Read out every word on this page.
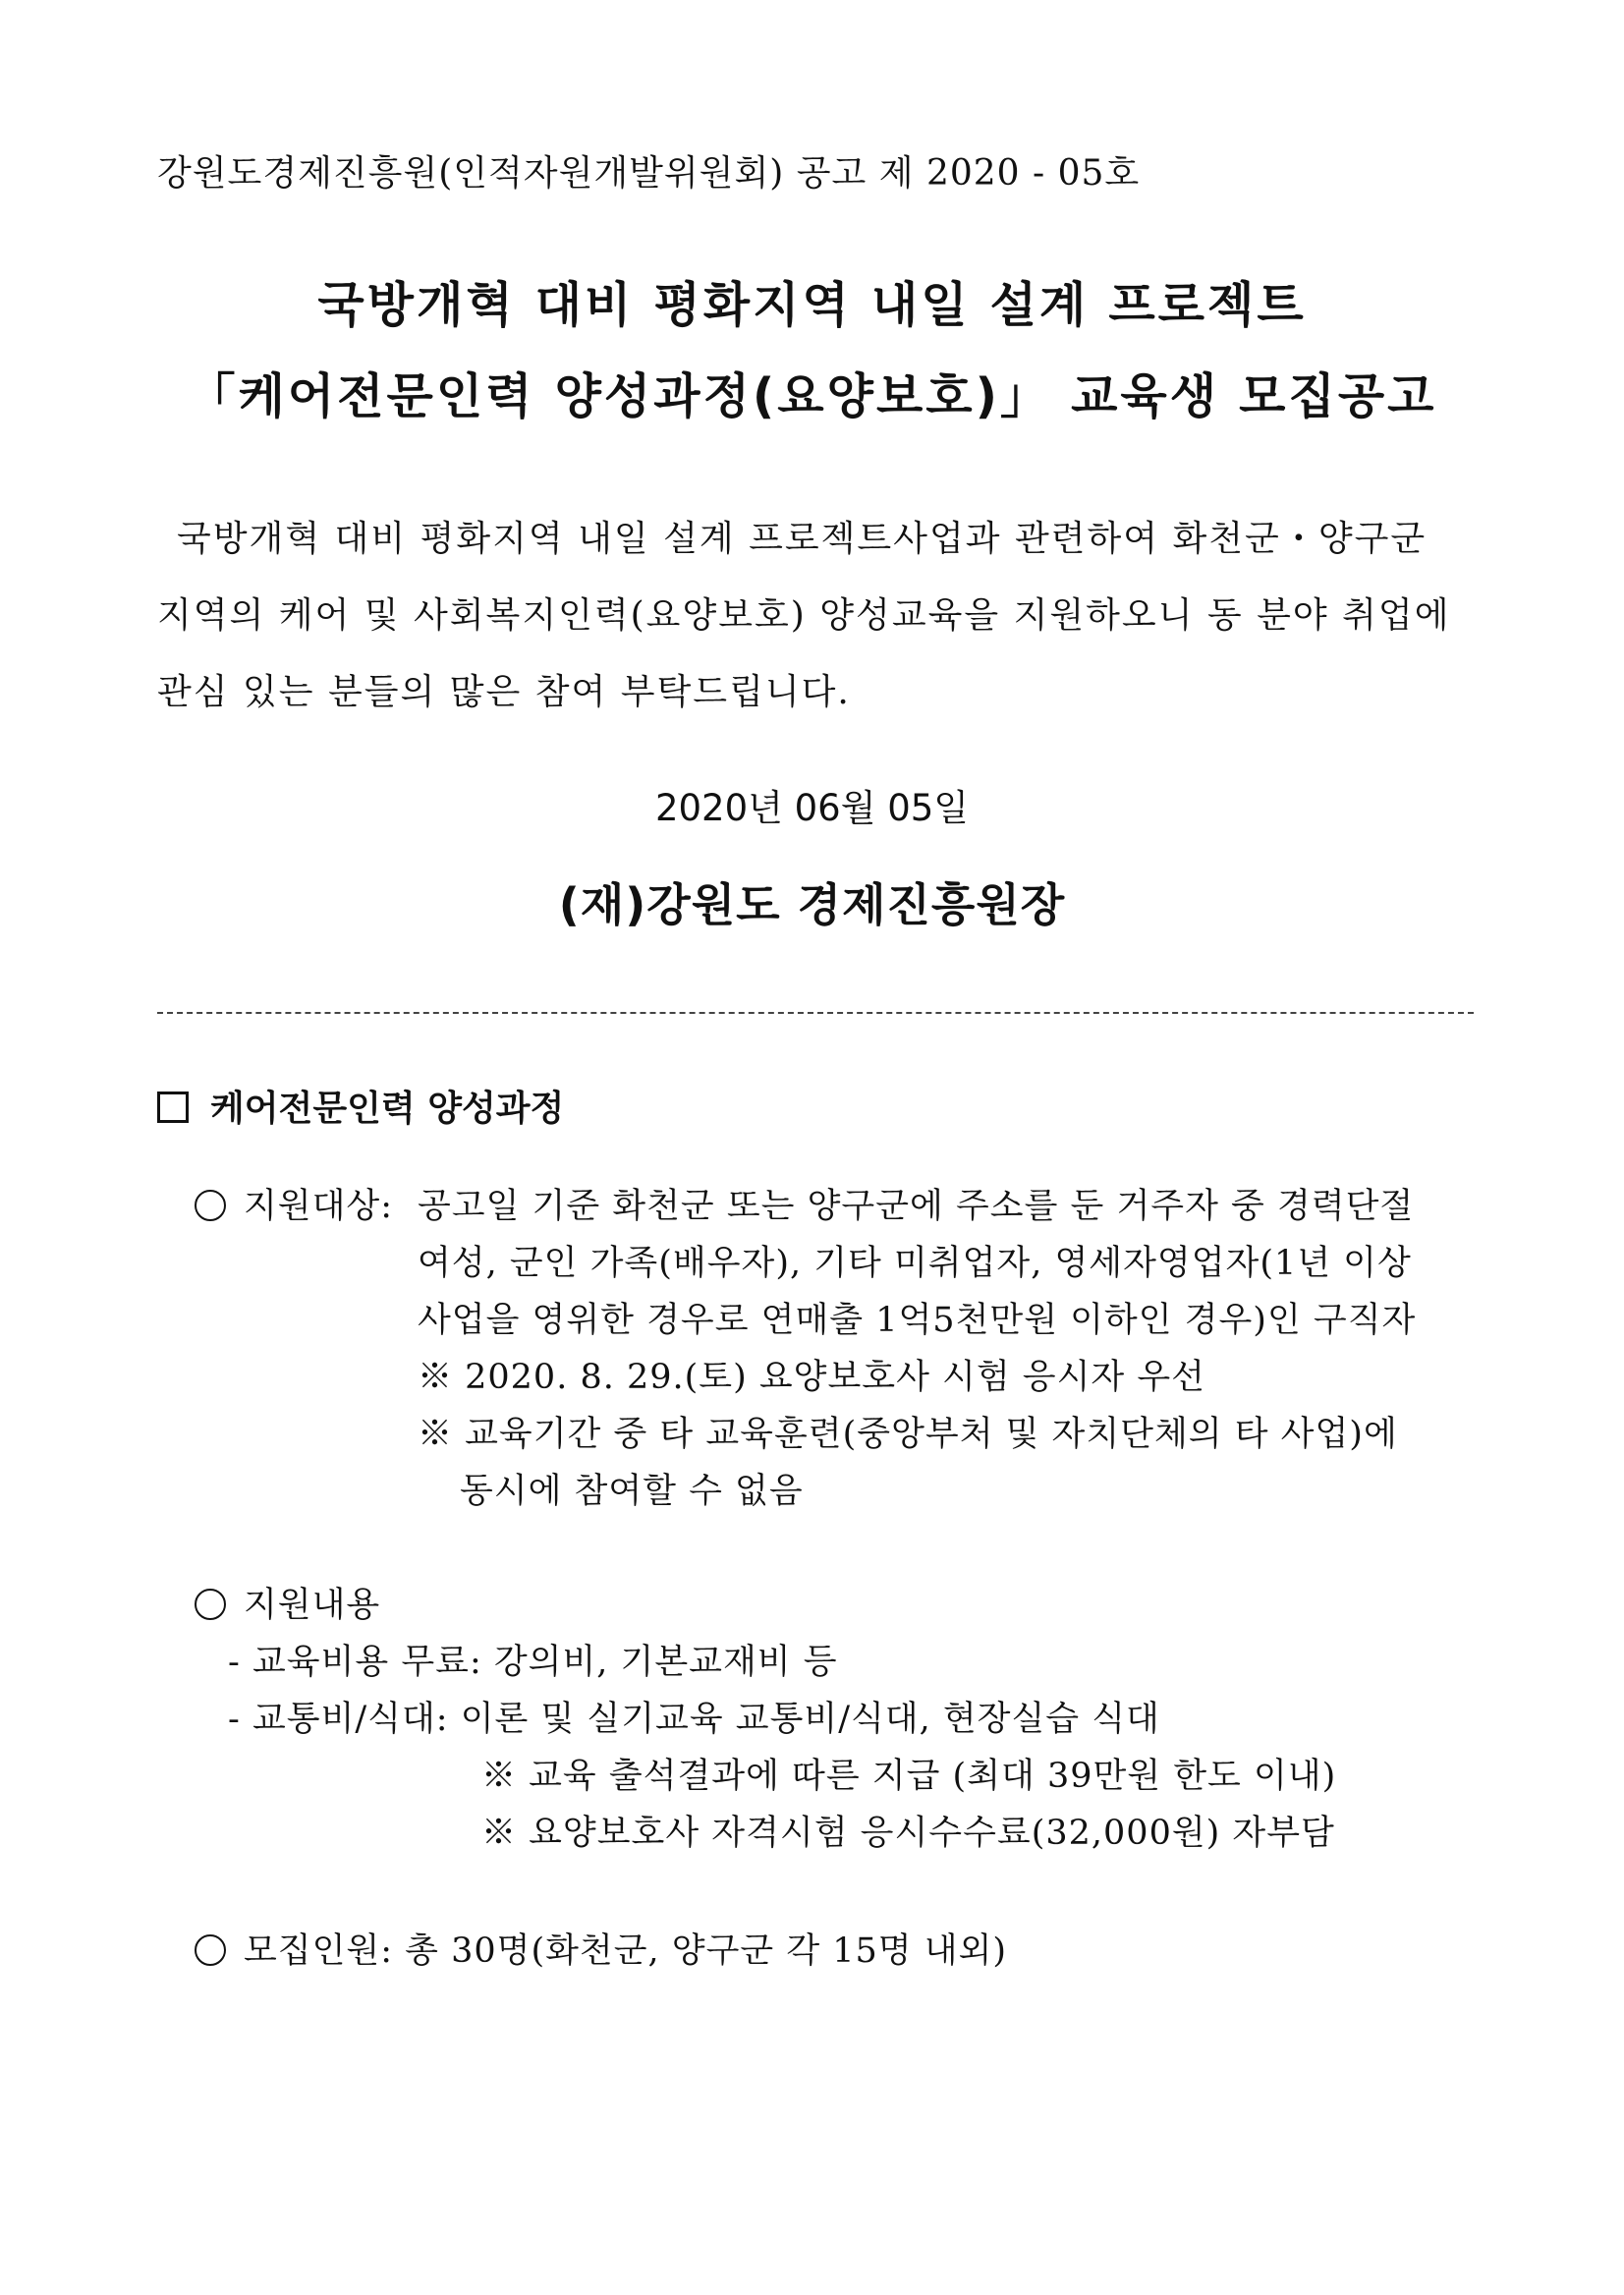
강원도경제진흥원(인적자원개발위원회) 공고 제 2020 - 05호
국방개혁 대비 평화지역 내일 설계 프로젝트
「케어전문인력 양성과정(요양보호)」 교육생 모집공고
국방개혁 대비 평화지역 내일 설계 프로젝트사업과 관련하여 화천군・양구군
지역의 케어 및 사회복지인력(요양보호) 양성교육을 지원하오니 동 분야 취업에
관심 있는 분들의 많은 참여 부탁드립니다.
2020년 06월 05일
(재)강원도 경제진흥원장
케어전문인력 양성과정
지원대상: 공고일 기준 화천군 또는 양구군에 주소를 둔 거주자 중 경력단절
여성, 군인 가족(배우자), 기타 미취업자, 영세자영업자(1년 이상
사업을 영위한 경우로 연매출 1억5천만원 이하인 경우)인 구직자
※ 2020. 8. 29.(토) 요양보호사 시험 응시자 우선
※ 교육기간 중 타 교육훈련(중앙부처 및 자치단체의 타 사업)에
동시에 참여할 수 없음
지원내용
- 교육비용 무료: 강의비, 기본교재비 등
- 교통비/식대: 이론 및 실기교육 교통비/식대, 현장실습 식대
※ 교육 출석결과에 따른 지급 (최대 39만원 한도 이내)
※ 요양보호사 자격시험 응시수수료(32,000원) 자부담
모집인원: 총 30명(화천군, 양구군 각 15명 내외)
